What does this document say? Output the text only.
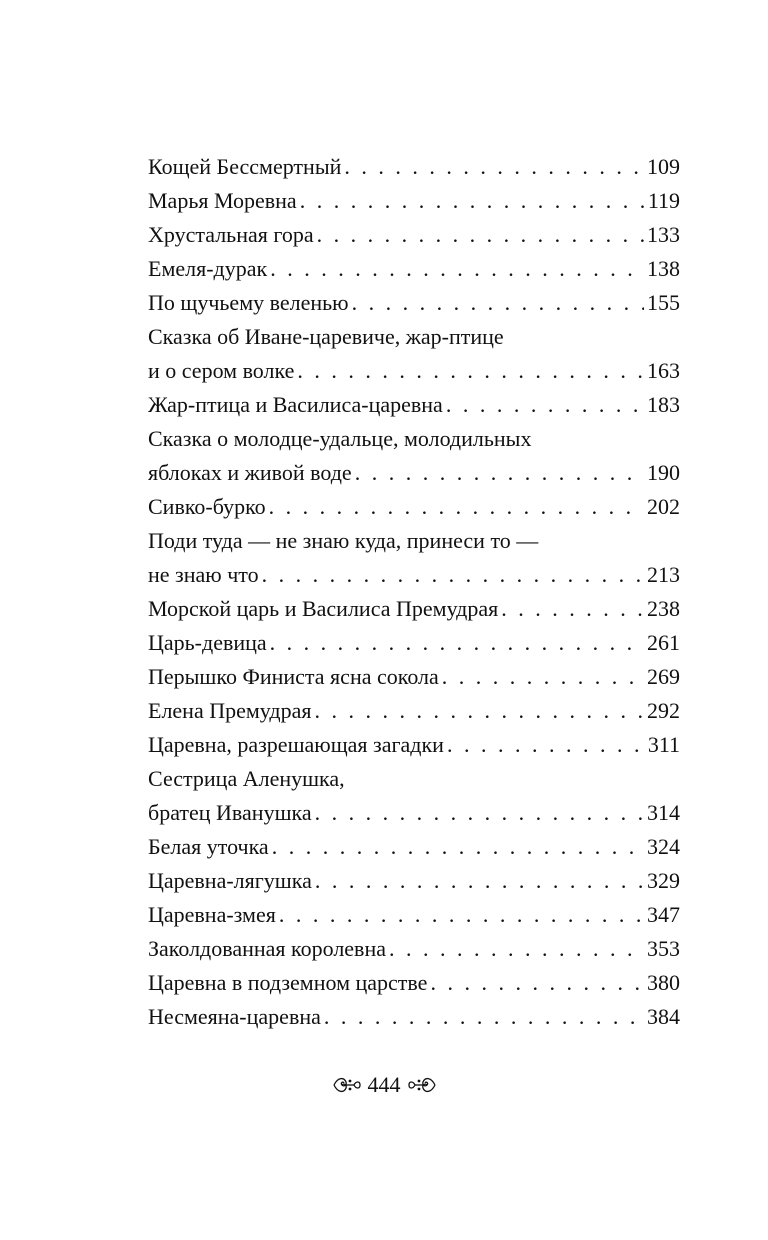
Кощей Бессмертный . . .	109
Марья Моревна . . .	119
Хрустальная гора . . .	133
Емеля-дурак . . .	138
По щучьему веленью . . .	155
Сказка об Иване-царевиче, жар-птице
и о сером волке . . .	163
Жар-птица и Василиса-царевна . . .	183
Сказка о молодце-удальце, молодильных
яблоках и живой воде . . .	190
Сивко-бурко . . .	202
Поди туда — не знаю куда, принеси то —
не знаю что . . .	213
Морской царь и Василиса Премудрая . . .	238
Царь-девица . . .	261
Перышко Финиста ясна сокола . . .	269
Елена Премудрая . . .	292
Царевна, разрешающая загадки . . .	311
Сестрица Аленушка,
братец Иванушка . . .	314
Белая уточка . . .	324
Царевна-лягушка . . .	329
Царевна-змея . . .	347
Заколдованная королевна . . .	353
Царевна в подземном царстве . . .	380
Несмеяна-царевна . . .	384
444
